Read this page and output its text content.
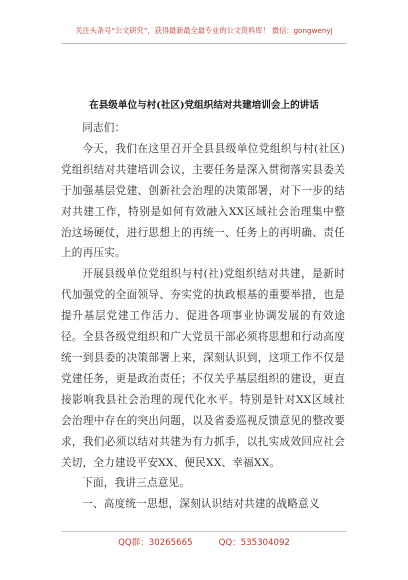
关注头条号“公文研究”，获得最新最全最专业的公文资料库！ 微信：gongwenyj
在县级单位与村(社区)党组织结对共建培训会上的讲话

同志们：

今天，我们在这里召开全县县级单位党组织与村(社区)党组织结对共建培训会议，主要任务是深入贯彻落实县委关于加强基层党建、创新社会治理的决策部署，对下一步的结对共建工作，特别是如何有效融入XX区域社会治理集中整治这场硬仗，进行思想上的再统一、任务上的再明确、责任上的再压实。

开展县级单位党组织与村(社)党组织结对共建，是新时代加强党的全面领导、夯实党的执政根基的重要举措，也是提升基层党建工作活力、促进各项事业协调发展的有效途径。全县各级党组织和广大党员干部必须将思想和行动高度统一到县委的决策部署上来，深刻认识到，这项工作不仅是党建任务，更是政治责任；不仅关乎基层组织的建设，更直接影响我县社会治理的现代化水平。特别是针对XX区域社会治理中存在的突出问题，以及省委巡视反馈意见的整改要求，我们必须以结对共建为有力抓手，以扎实成效回应社会关切，全力建设平安XX、便民XX、幸福XX。

下面，我讲三点意见。

一、高度统一思想，深刻认识结对共建的战略意义

QQ群：30265665	QQ：535304092
